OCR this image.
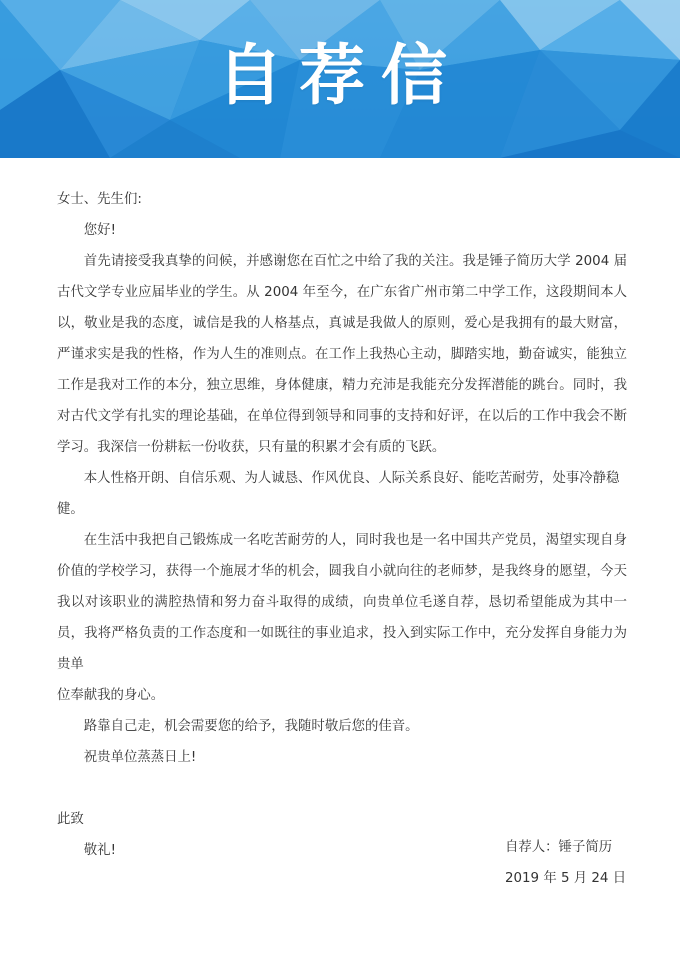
自荐信

女士、先生们:

您好!

首先请接受我真挚的问候，并感谢您在百忙之中给了我的关注。我是锤子简历大学 2004 届古代文学专业应届毕业的学生。从 2004 年至今，在广东省广州市第二中学工作，这段期间本人以，敬业是我的态度，诚信是我的人格基点，真诚是我做人的原则，爱心是我拥有的最大财富，严谨求实是我的性格，作为人生的准则点。在工作上我热心主动，脚踏实地，勤奋诚实，能独立工作是我对工作的本分，独立思维，身体健康，精力充沛是我能充分发挥潜能的跳台。同时，我对古代文学有扎实的理论基础，在单位得到领导和同事的支持和好评，在以后的工作中我会不断学习。我深信一份耕耘一份收获，只有量的积累才会有质的飞跃。

本人性格开朗、自信乐观、为人诚恳、作风优良、人际关系良好、能吃苦耐劳，处事冷静稳健。

在生活中我把自己锻炼成一名吃苦耐劳的人，同时我也是一名中国共产党员，渴望实现自身价值的学校学习，获得一个施展才华的机会，圆我自小就向往的老师梦，是我终身的愿望，今天我以对该职业的满腔热情和努力奋斗取得的成绩，向贵单位毛遂自荐，恳切希望能成为其中一员，我将严格负责的工作态度和一如既往的事业追求，投入到实际工作中，充分发挥自身能力为贵单

位奉献我的身心。

路靠自己走，机会需要您的给予，我随时敬后您的佳音。

祝贵单位蒸蒸日上!

此致

敬礼!	自荐人：锤子简历

2019 年 5 月 24 日
